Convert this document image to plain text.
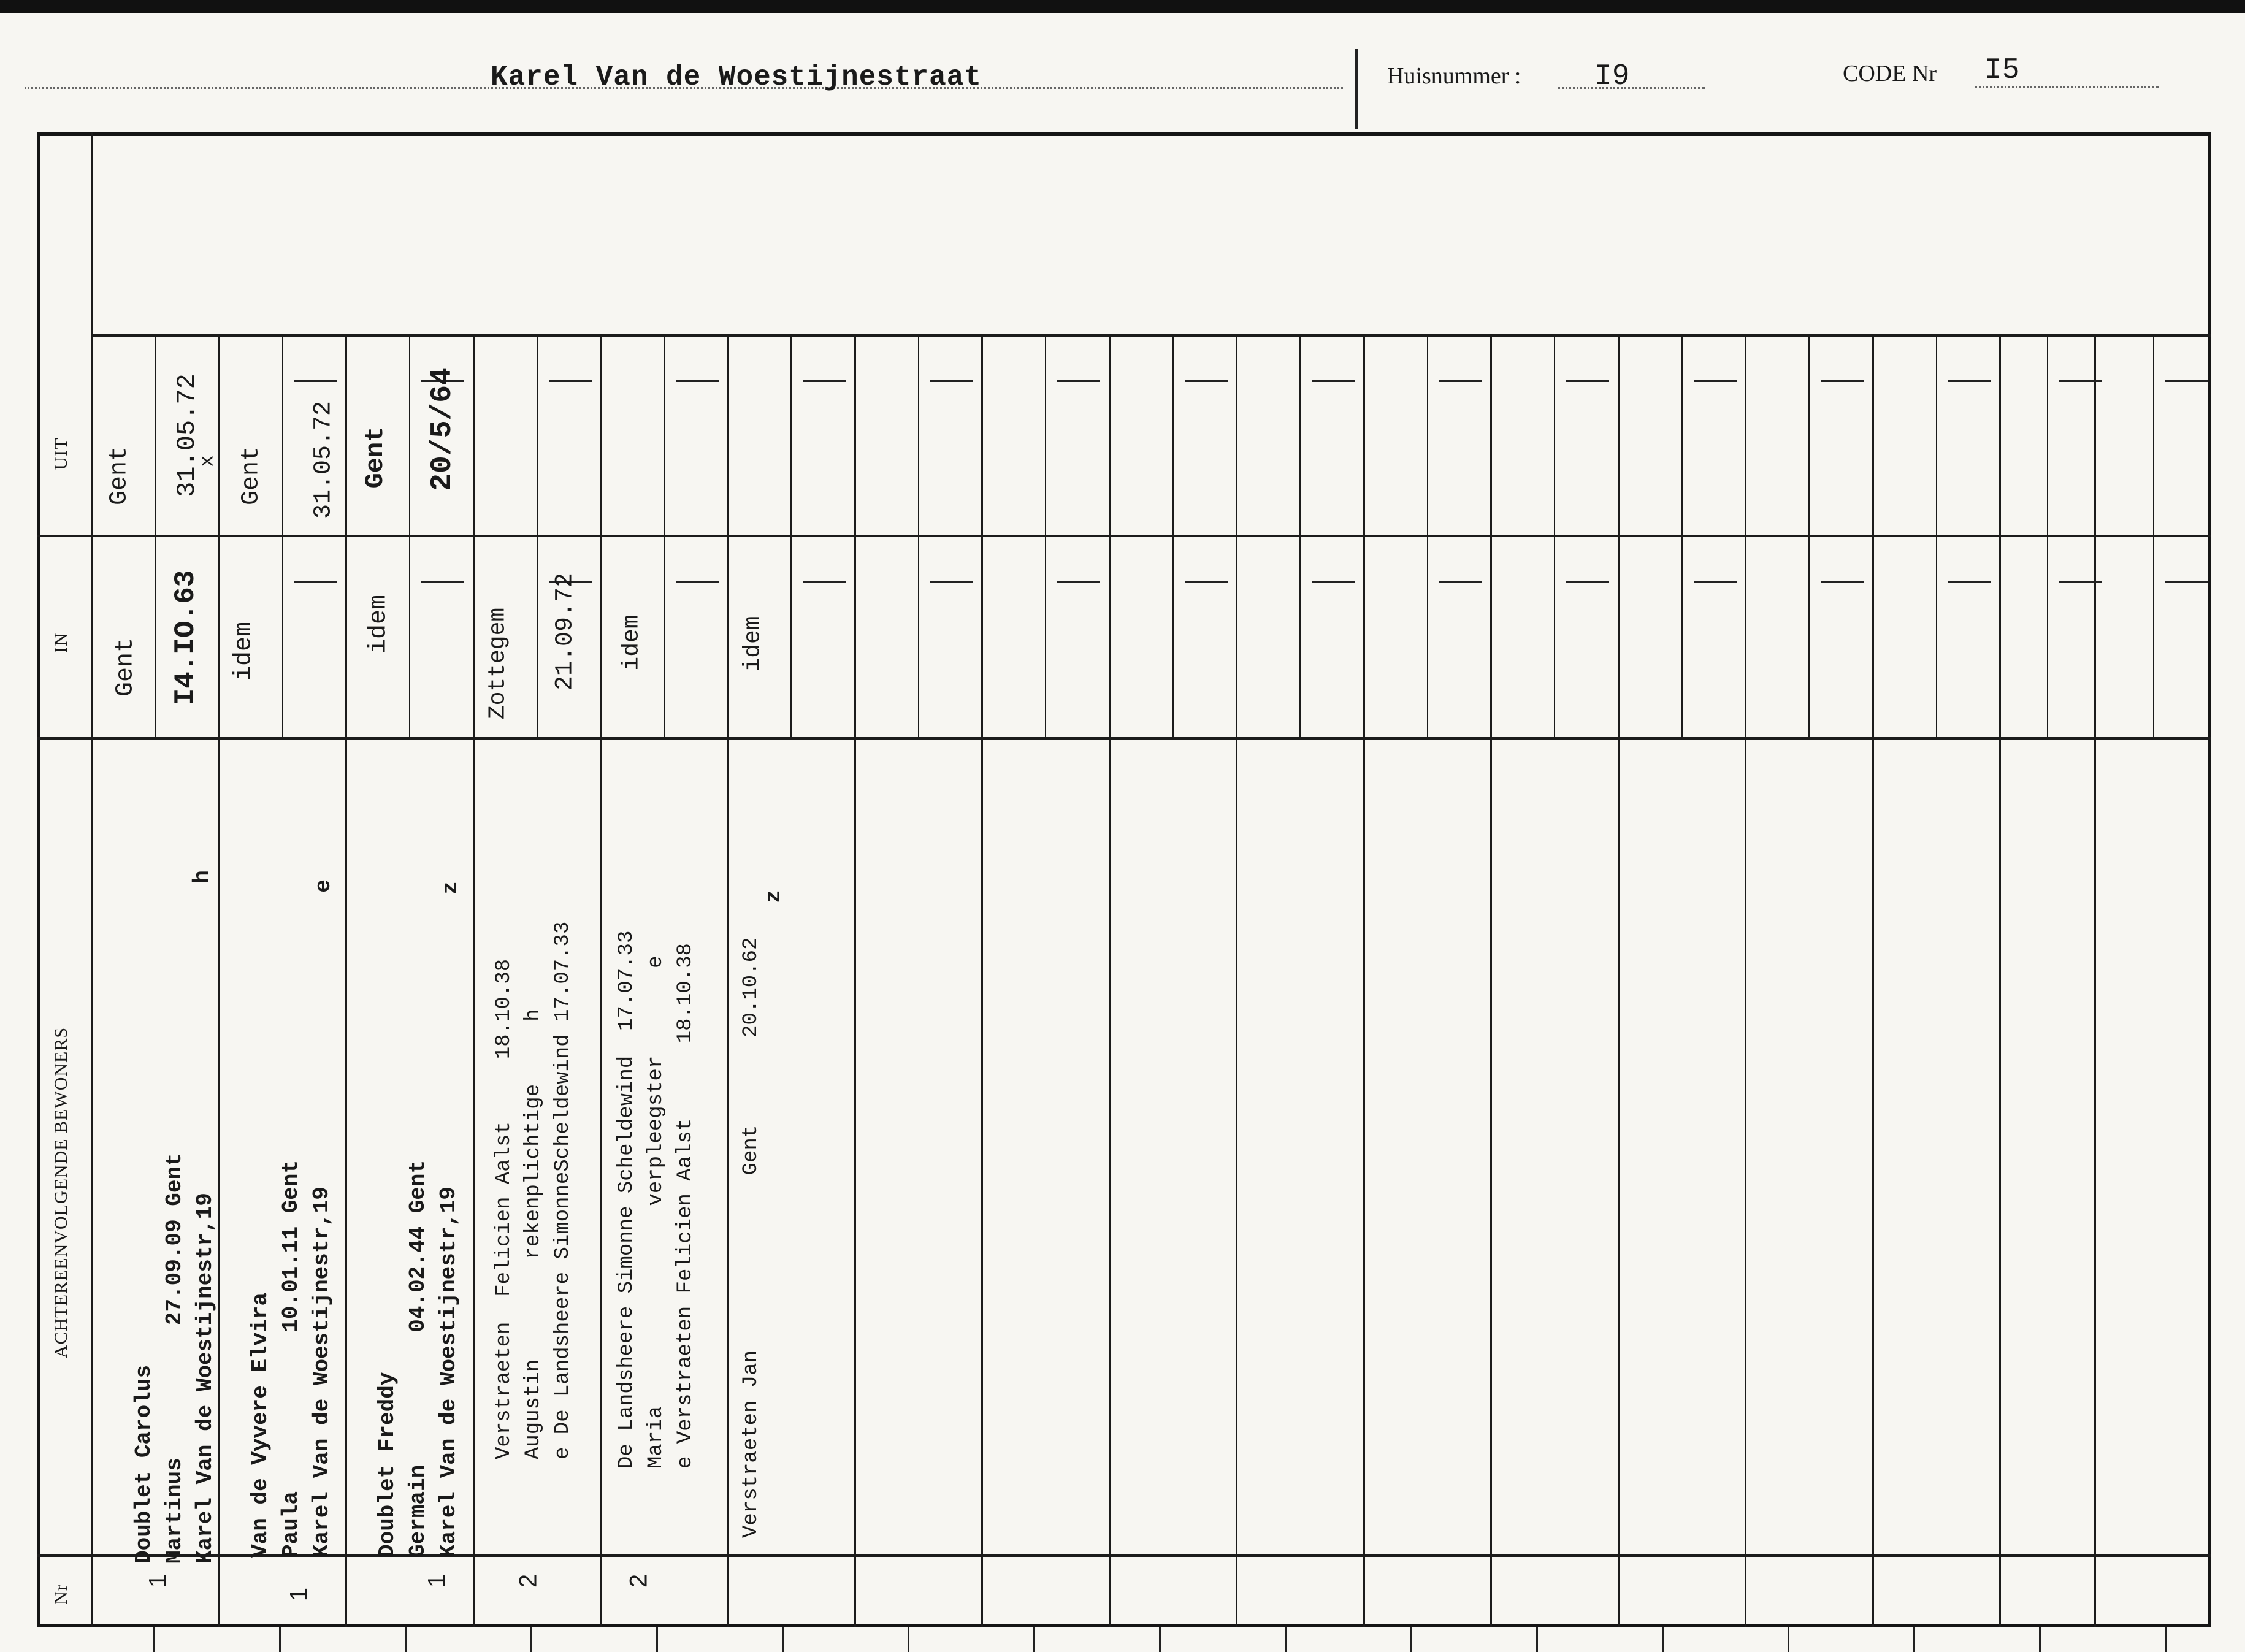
Karel Van de Woestijnestraat	Huisnummer : I9	CODE Nr I5
UIT
IN
ACHTEREENVOLGENDE BEWONERS
Nr
1
Doublet Carolus Martinus          27.09.09 Gent Karel Van de Woestijnestr,19
h
Gent I4.IO.63
Gent 31.05.72
x
1
Van de Vyvere Elvira Paula            10.01.11 Gent Karel Van de Woestijnestr,19
e
idem
Gent 31.05.72
1
Doublet Freddy Germain          04.02.44 Gent Karel Van de Woestijnestr,19
z
idem
Gent 20/5/64
2
Verstraeten  Felicien Aalst     18.10.38 Augustin        rekenplichtige     h e De Landsheere SimonneScheldewind 17.07.33
Zottegem 21.09.72
2
De Landsheere Simonne Scheldewind  17.07.33 Maria                verpleegster       e e Verstraeten Felicien Aalst      18.10.38
idem
Verstraeten Jan              Gent       20.10.62
z
idem
